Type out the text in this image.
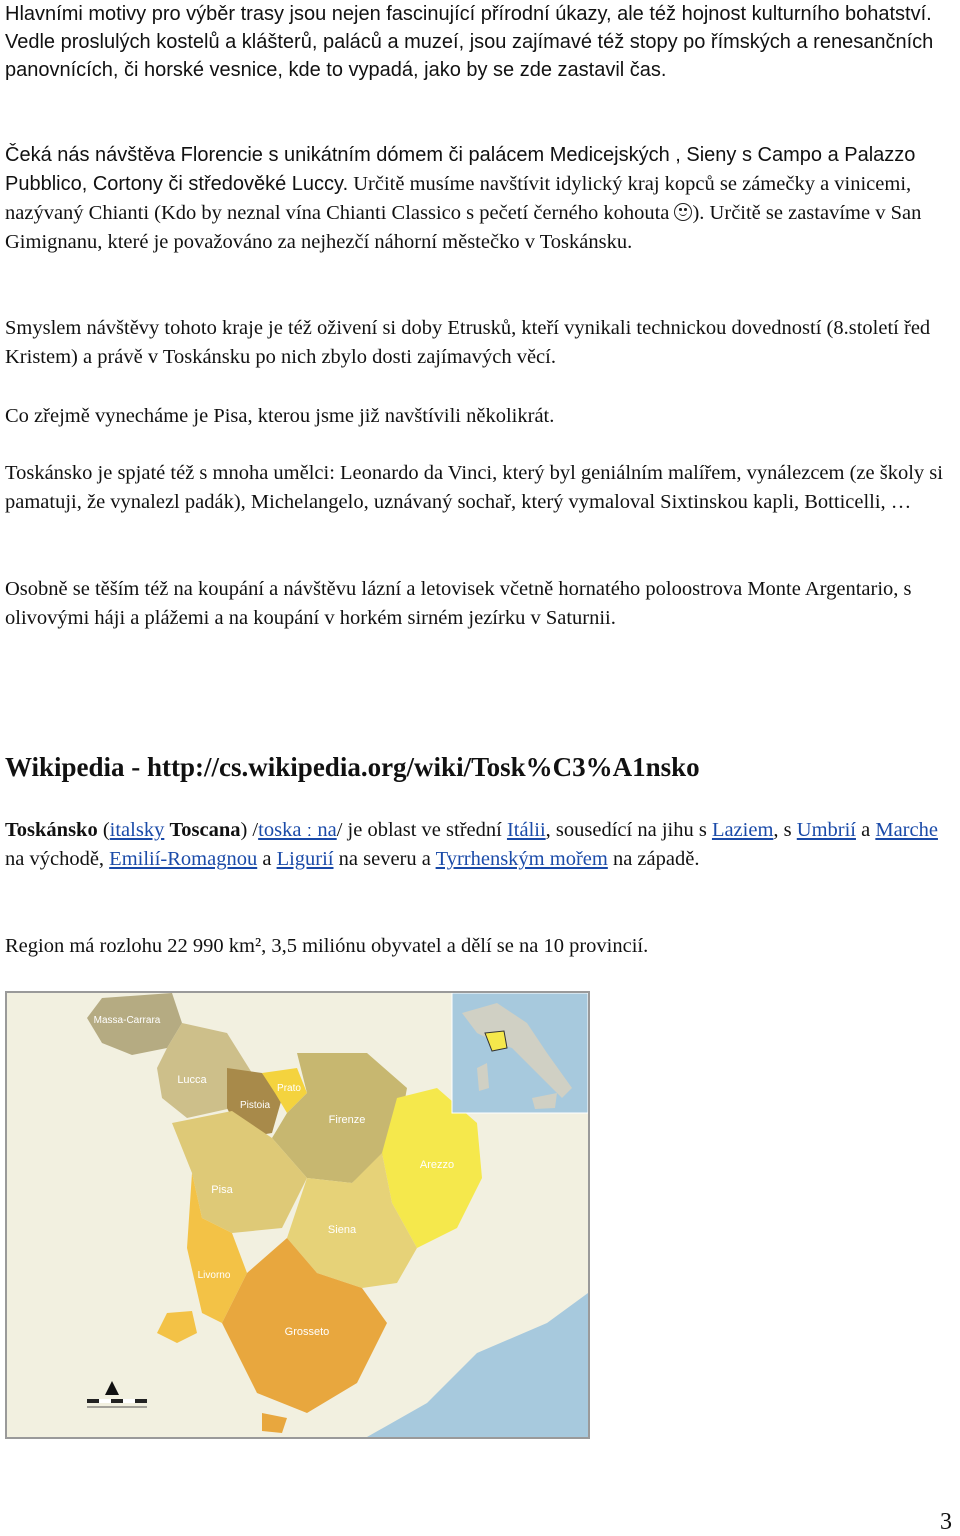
Hlavními motivy pro výběr trasy jsou nejen fascinující přírodní úkazy, ale též hojnost kulturního bohatství. Vedle proslulých kostelů a klášterů, paláců a muzeí, jsou zajímavé též stopy po římských a renesančních panovnících, či horské vesnice, kde to vypadá, jako by se zde zastavil čas.

Čeká nás návštěva Florencie s unikátním dómem či palácem Medicejských , Sieny s Campo a Palazzo Pubblico, Cortony či středověké Luccy. Určitě musíme navštívit idylický kraj kopců se zámečky a vinicemi, nazývaný Chianti (Kdo by neznal vína Chianti Classico s pečetí černého kohouta ). Určitě se zastavíme v San Gimignanu, které je považováno za nejhezčí náhorní městečko v Toskánsku.

Smyslem návštěvy tohoto kraje je též oživení si doby Etrusků, kteří vynikali technickou dovedností (8.století řed Kristem) a právě v Toskánsku po nich zbylo dosti zajímavých věcí.

Co zřejmě vynecháme je Pisa, kterou jsme již navštívili několikrát.

Toskánsko je spjaté též s mnoha umělci: Leonardo da Vinci, který byl geniálním malířem, vynálezcem (ze školy si pamatuji, že vynalezl padák), Michelangelo, uznávaný sochař, který vymaloval Sixtinskou kapli, Botticelli, …

Osobně se těším též na koupání a návštěvu lázní a letovisek včetně hornatého poloostrova Monte Argentario, s olivovými háji a plážemi a na koupání v horkém sirném jezírku v Saturnii.

Wikipedia - http://cs.wikipedia.org/wiki/Tosk%C3%A1nsko

Toskánsko (italsky Toscana) /toska ː na/ je oblast ve střední Itálii, sousedící na jihu s Laziem, s Umbrií a Marche na východě, Emilií-Romagnou a Ligurií na severu a Tyrrhenským mořem na západě.

Region má rozlohu 22 990 km², 3,5 miliónu obyvatel a dělí se na 10 provincií.

Massa-Carrara
Lucca
Pistoia
Prato
Firenze
Pisa
Arezzo
Siena
Livorno
Grosseto
3
